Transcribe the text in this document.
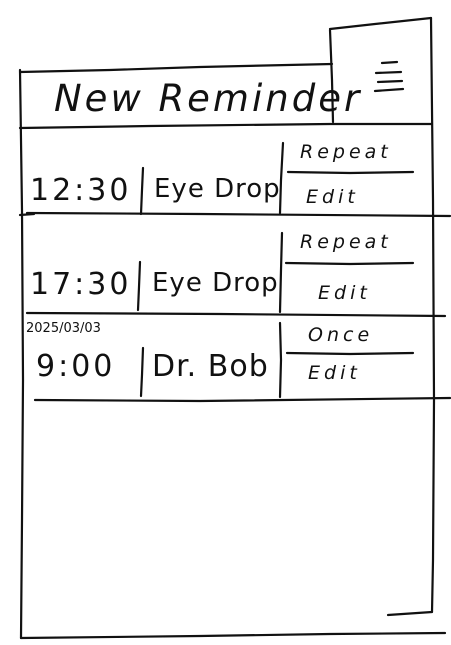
New Reminder
12:30 Eye Drop
Repeat
Edit
17:30 Eye Drop
Repeat
Edit
2025/03/03
9:00 Dr. Bob
Once
Edit
